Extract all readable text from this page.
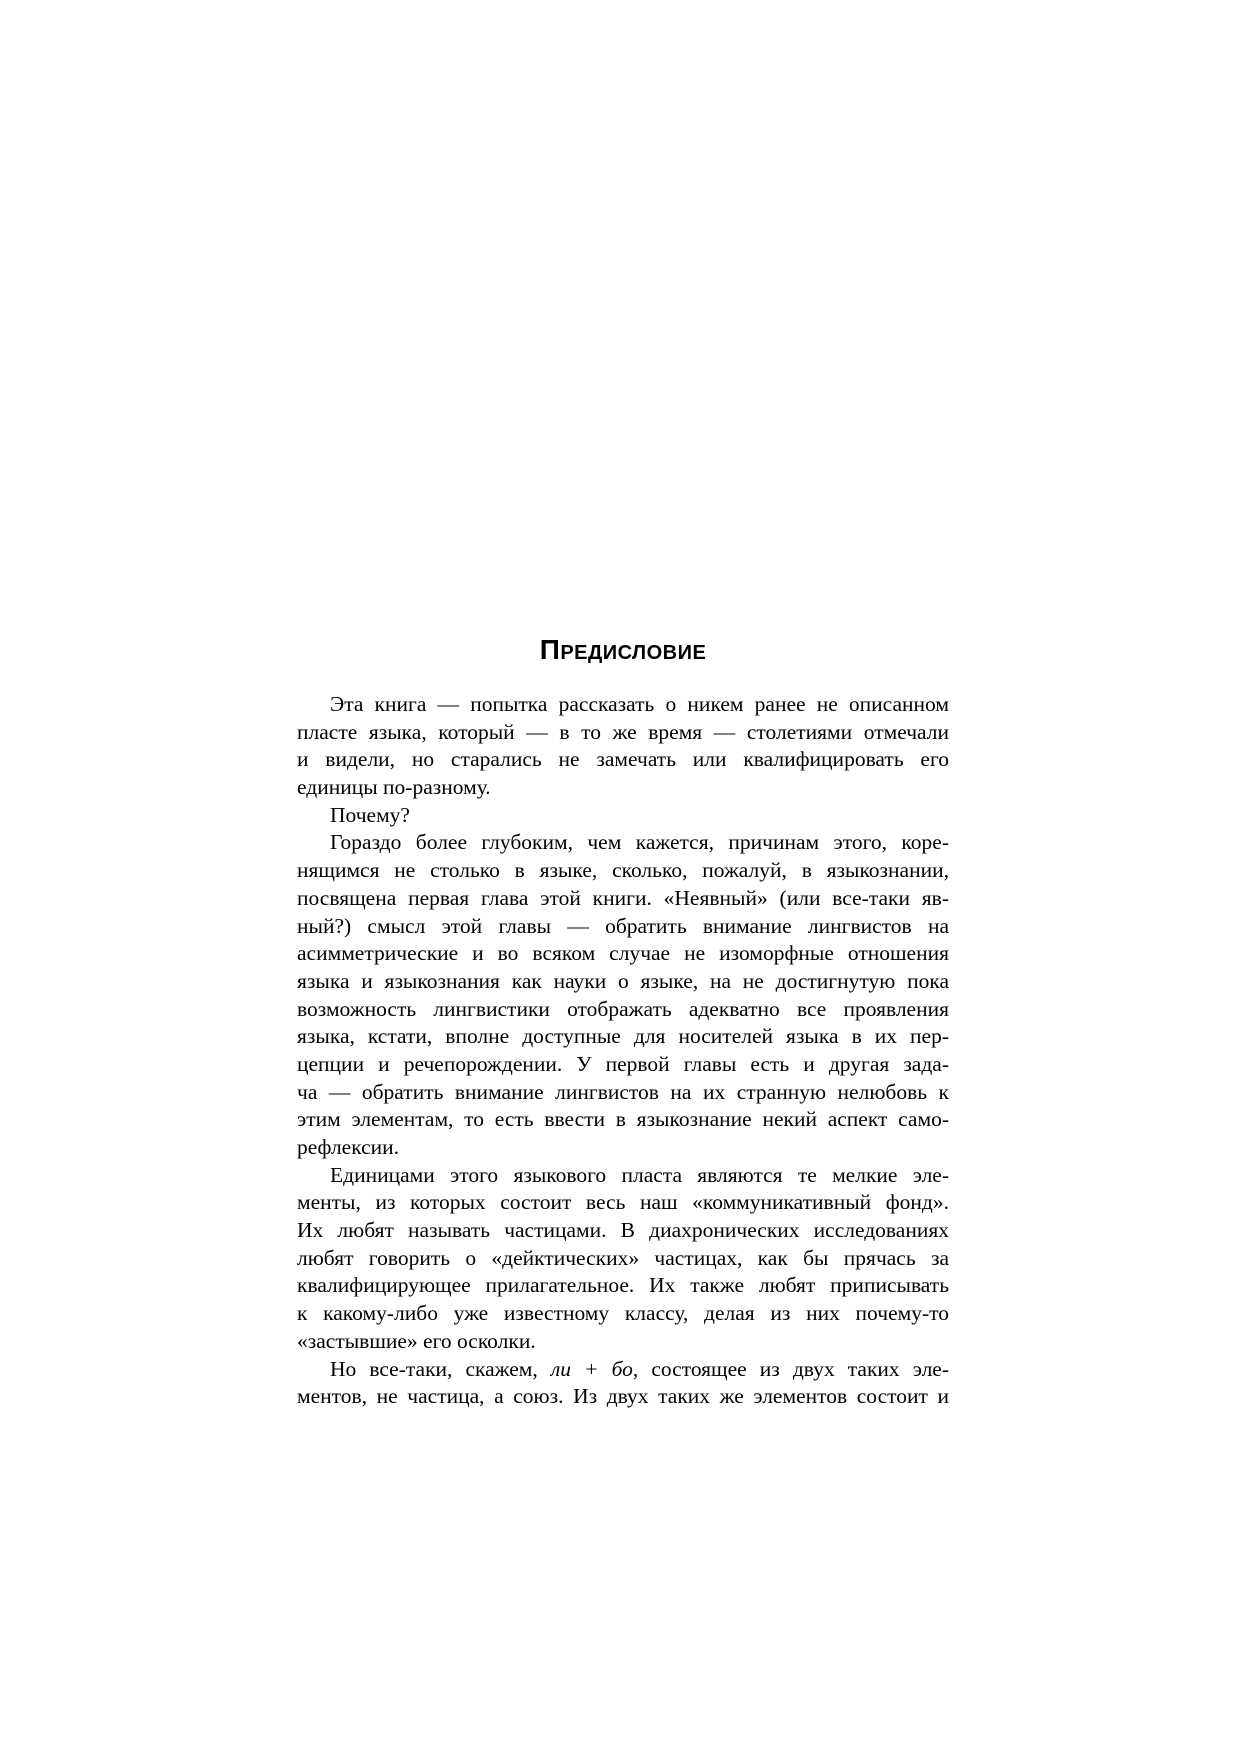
Предисловие
Эта книга — попытка рассказать о никем ранее не описанном
пласте языка, который — в то же время — столетиями отмечали
и видели, но старались не замечать или квалифицировать его
единицы по-разному.
Почему?
Гораздо более глубоким, чем кажется, причинам этого, коре-
нящимся не столько в языке, сколько, пожалуй, в языкознании,
посвящена первая глава этой книги. «Неявный» (или все-таки яв-
ный?) смысл этой главы — обратить внимание лингвистов на
асимметрические и во всяком случае не изоморфные отношения
языка и языкознания как науки о языке, на не достигнутую пока
возможность лингвистики отображать адекватно все проявления
языка, кстати, вполне доступные для носителей языка в их пер-
цепции и речепорождении. У первой главы есть и другая зада-
ча — обратить внимание лингвистов на их странную нелюбовь к
этим элементам, то есть ввести в языкознание некий аспект само-
рефлексии.
Единицами этого языкового пласта являются те мелкие эле-
менты, из которых состоит весь наш «коммуникативный фонд».
Их любят называть частицами. В диахронических исследованиях
любят говорить о «дейктических» частицах, как бы прячась за
квалифицирующее прилагательное. Их также любят приписывать
к какому-либо уже известному классу, делая из них почему-то
«застывшие» его осколки.
Но все-таки, скажем, ли + бо, состоящее из двух таких эле-
ментов, не частица, а союз. Из двух таких же элементов состоит и
